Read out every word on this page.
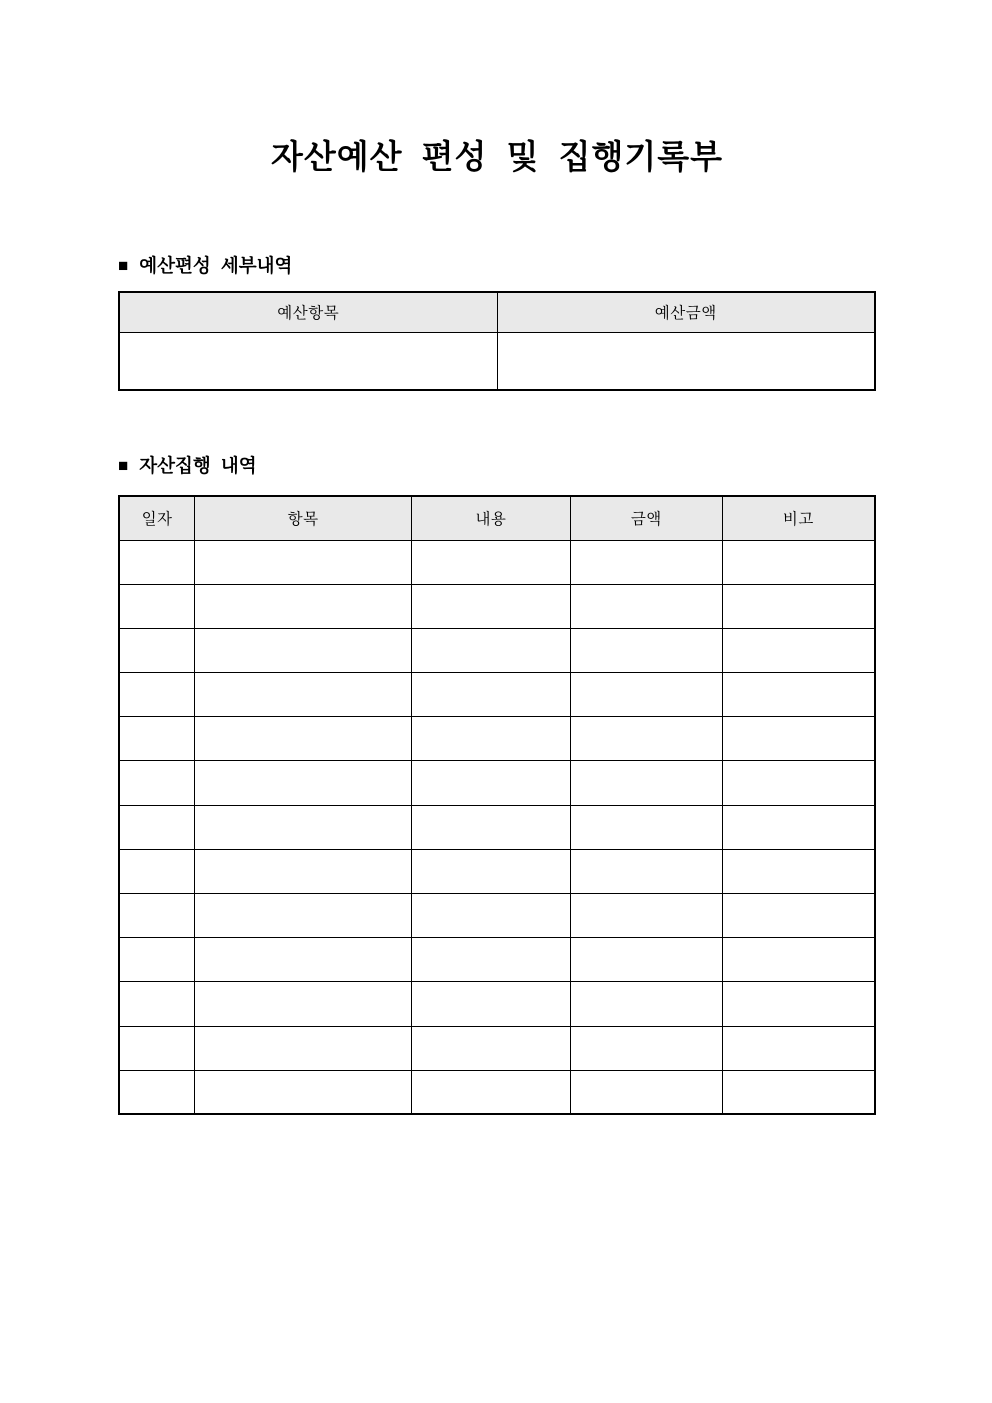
자산예산 편성 및 집행기록부
■ 예산편성 세부내역
예산항목	예산금액

■ 자산집행 내역
일자	항목	내용	금액	비고
